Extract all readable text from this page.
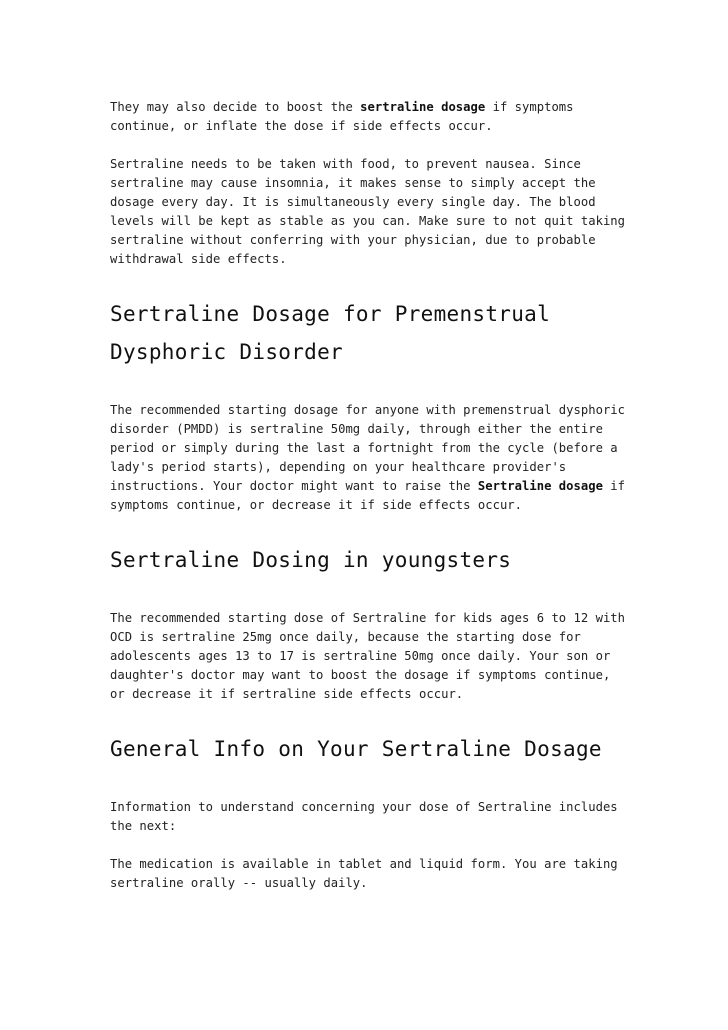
They may also decide to boost the sertraline dosage if symptoms continue, or inflate the dose if side effects occur.

Sertraline needs to be taken with food, to prevent nausea. Since sertraline may cause insomnia, it makes sense to simply accept the dosage every day. It is simultaneously every single day. The blood levels will be kept as stable as you can. Make sure to not quit taking sertraline without conferring with your physician, due to probable withdrawal side effects.

Sertraline Dosage for Premenstrual Dysphoric Disorder

The recommended starting dosage for anyone with premenstrual dysphoric disorder (PMDD) is sertraline 50mg daily, through either the entire period or simply during the last a fortnight from the cycle (before a lady's period starts), depending on your healthcare provider's instructions. Your doctor might want to raise the Sertraline dosage if symptoms continue, or decrease it if side effects occur.

Sertraline Dosing in youngsters

The recommended starting dose of Sertraline for kids ages 6 to 12 with OCD is sertraline 25mg once daily, because the starting dose for adolescents ages 13 to 17 is sertraline 50mg once daily. Your son or daughter's doctor may want to boost the dosage if symptoms continue, or decrease it if sertraline side effects occur.

General Info on Your Sertraline Dosage

Information to understand concerning your dose of Sertraline includes the next:

The medication is available in tablet and liquid form. You are taking sertraline orally -- usually daily.
